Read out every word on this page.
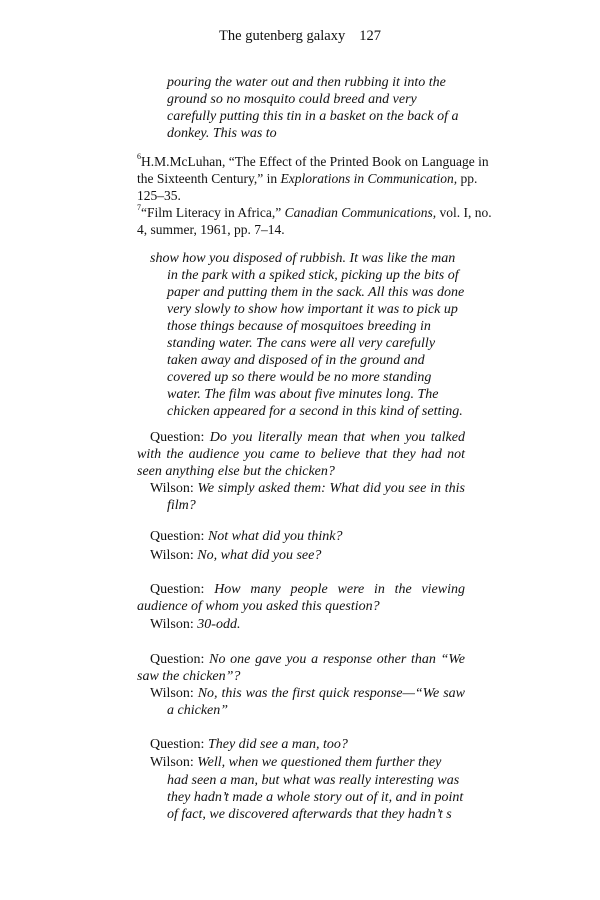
The gutenberg galaxy 127
pouring the water out and then rubbing it into the
ground so no mosquito could breed and very
carefully putting this tin in a basket on the back of a
donkey. This was to
$^6$H.M.McLuhan, “The Effect of the Printed Book on Language in
the Sixteenth Century,” in Explorations in Communication, pp.
125–35.
$^7$“Film Literacy in Africa,” Canadian Communications, vol. I, no.
4, summer, 1961, pp. 7–14.
show how you disposed of rubbish. It was like the man
in the park with a spiked stick, picking up the bits of
paper and putting them in the sack. All this was done
very slowly to show how important it was to pick up
those things because of mosquitoes breeding in
standing water. The cans were all very carefully
taken away and disposed of in the ground and
covered up so there would be no more standing
water. The film was about five minutes long. The
chicken appeared for a second in this kind of setting.
Question: Do you literally mean that when you talked
with the audience you came to believe that they had not
seen anything else but the chicken?
Wilson: We simply asked them: What did you see in this
film?
Question: Not what did you think?
Wilson: No, what did you see?
Question: How many people were in the viewing
audience of whom you asked this question?
Wilson: 30-odd.
Question: No one gave you a response other than “We
saw the chicken”?
Wilson: No, this was the first quick response—“We saw
a chicken”
Question: They did see a man, too?
Wilson: Well, when we questioned them further they
had seen a man, but what was really interesting was
they hadn’t made a whole story out of it, and in point
of fact, we discovered afterwards that they hadn’t s
